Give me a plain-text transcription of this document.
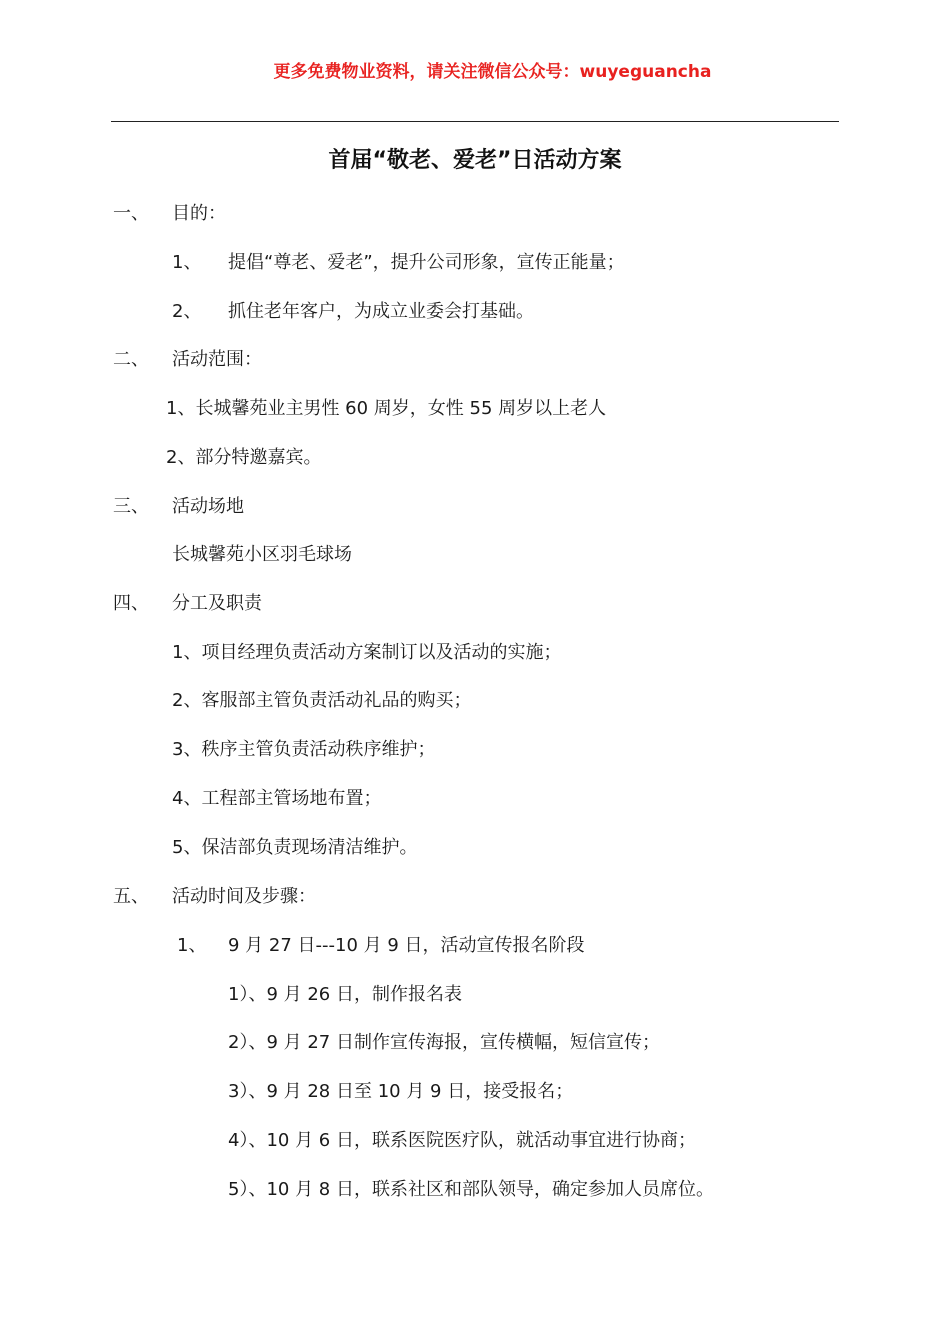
更多免费物业资料，请关注微信公众号：wuyeguancha
首届“敬老、爱老”日活动方案
一、 目的：
1、 提倡“尊老、爱老”，提升公司形象，宣传正能量；
2、 抓住老年客户，为成立业委会打基础。
二、 活动范围：
1、长城馨苑业主男性 60 周岁，女性 55 周岁以上老人
2、部分特邀嘉宾。
三、 活动场地
长城馨苑小区羽毛球场
四、 分工及职责
1、项目经理负责活动方案制订以及活动的实施；
2、客服部主管负责活动礼品的购买；
3、秩序主管负责活动秩序维护；
4、工程部主管场地布置；
5、保洁部负责现场清洁维护。
五、 活动时间及步骤：
1、 9 月 27 日---10 月 9 日，活动宣传报名阶段
1）、9 月 26 日，制作报名表
2）、9 月 27 日制作宣传海报，宣传横幅，短信宣传；
3）、9 月 28 日至 10 月 9 日，接受报名；
4）、10 月 6 日，联系医院医疗队，就活动事宜进行协商；
5）、10 月 8 日，联系社区和部队领导，确定参加人员席位。
